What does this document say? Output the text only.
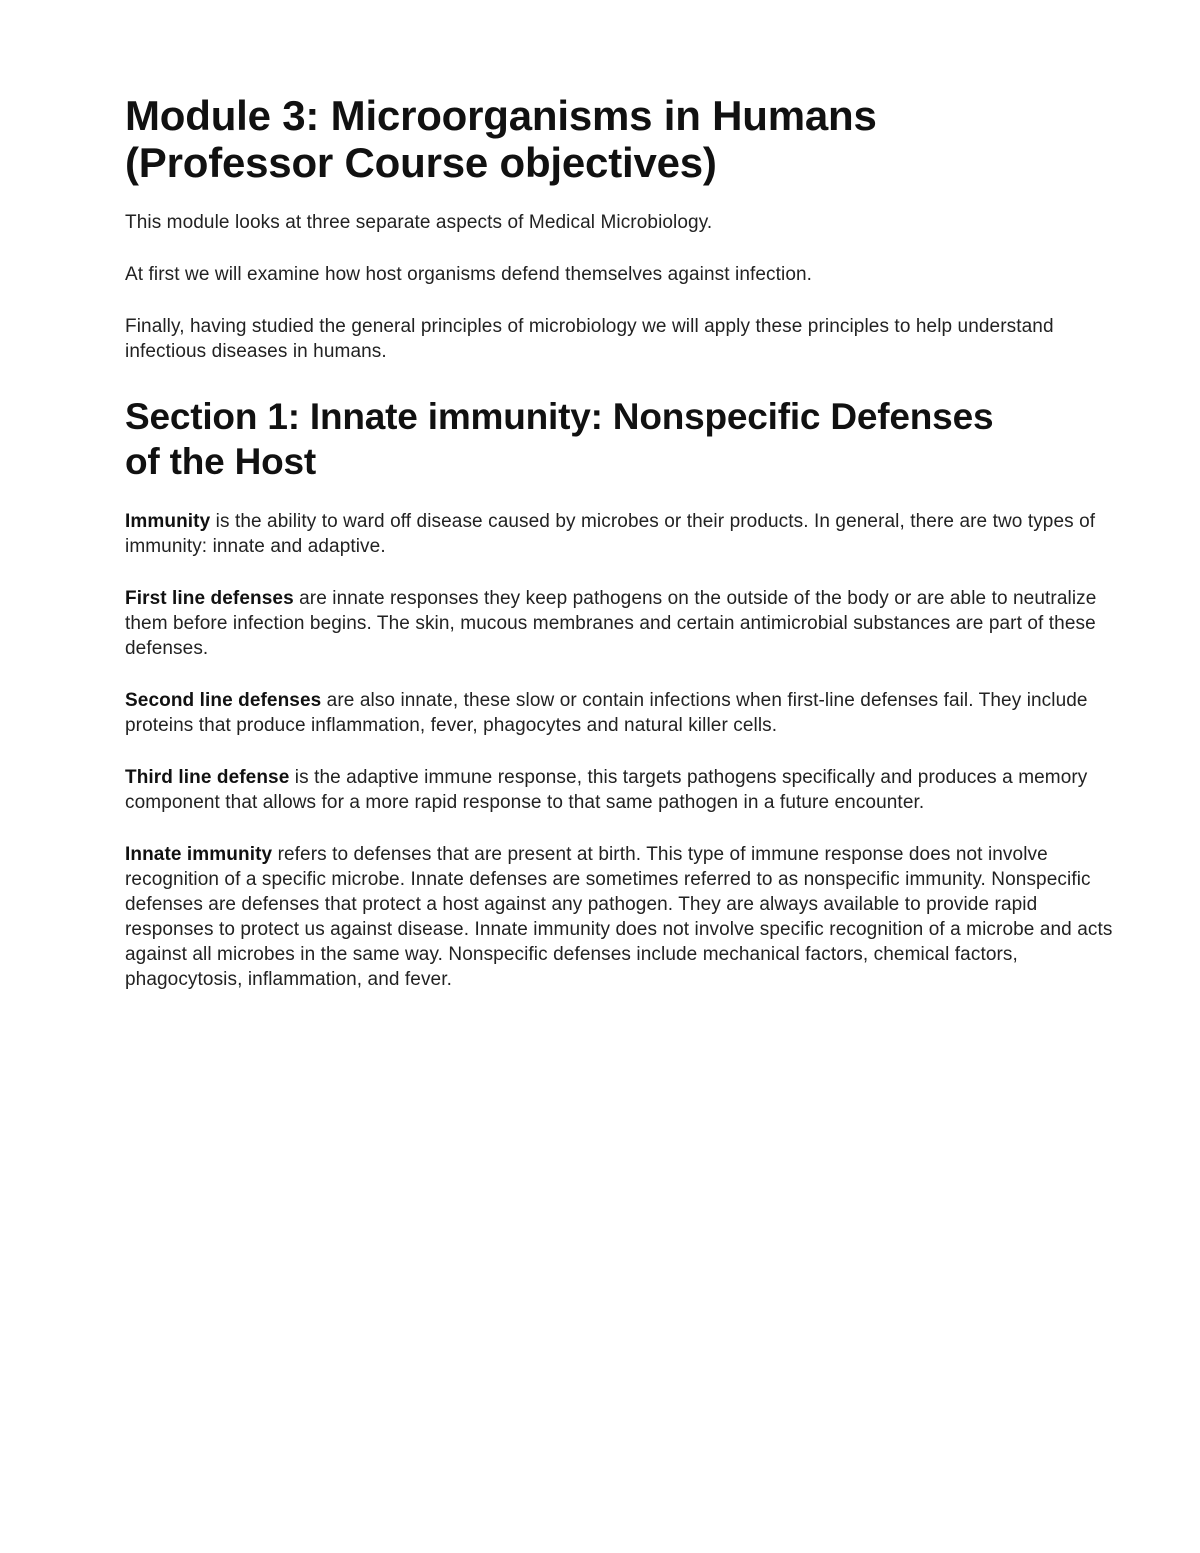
Module 3: Microorganisms in Humans
(Professor Course objectives)

This module looks at three separate aspects of Medical Microbiology.

At first we will examine how host organisms defend themselves against infection.

Finally, having studied the general principles of microbiology we will apply these principles to help understand infectious diseases in humans.

Section 1: Innate immunity: Nonspecific Defenses
of the Host

Immunity is the ability to ward off disease caused by microbes or their products. In general, there are two types of immunity: innate and adaptive.

First line defenses are innate responses they keep pathogens on the outside of the body or are able to neutralize them before infection begins. The skin, mucous membranes and certain antimicrobial substances are part of these defenses.

Second line defenses are also innate, these slow or contain infections when first-line defenses fail. They include proteins that produce inflammation, fever, phagocytes and natural killer cells.

Third line defense is the adaptive immune response, this targets pathogens specifically and produces a memory component that allows for a more rapid response to that same pathogen in a future encounter.

Innate immunity refers to defenses that are present at birth. This type of immune response does not involve recognition of a specific microbe. Innate defenses are sometimes referred to as nonspecific immunity. Nonspecific defenses are defenses that protect a host against any pathogen. They are always available to provide rapid responses to protect us against disease. Innate immunity does not involve specific recognition of a microbe and acts against all microbes in the same way. Nonspecific defenses include mechanical factors, chemical factors, phagocytosis, inflammation, and fever.
